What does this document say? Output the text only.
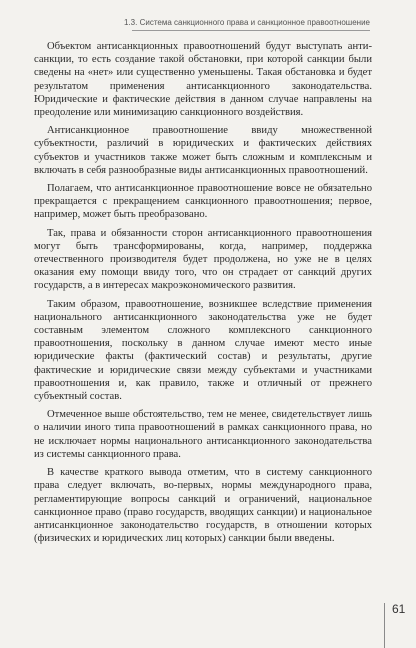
1.3. Система санкционного права и санкционное правоотношение

Объектом антисанкционных правоотношений будут выступать анти-санкции, то есть создание такой обстановки, при которой санкции были сведены на «нет» или существенно уменьшены. Такая обстановка и будет результатом применения антисанкционного законодательства. Юридические и фактические действия в данном случае направлены на преодоление или минимизацию санкционного воздействия.

Антисанкционное правоотношение ввиду множественной субъектности, различий в юридических и фактических действиях субъектов и участников также может быть сложным и комплексным и включать в себя разнообразные виды антисанкционных правоотношений.

Полагаем, что антисанкционное правоотношение вовсе не обязательно прекращается с прекращением санкционного правоотношения; первое, например, может быть преобразовано.

Так, права и обязанности сторон антисанкционного правоотношения могут быть трансформированы, когда, например, поддержка отечественного производителя будет продолжена, но уже не в целях оказания ему помощи ввиду того, что он страдает от санкций других государств, а в интересах макроэкономического развития.

Таким образом, правоотношение, возникшее вследствие применения национального антисанкционного законодательства уже не будет составным элементом сложного комплексного санкционного правоотношения, поскольку в данном случае имеют место иные юридические факты (фактический состав) и результаты, другие фактические и юридические связи между субъектами и участниками правоотношения и, как правило, также и отличный от прежнего субъектный состав.

Отмеченное выше обстоятельство, тем не менее, свидетельствует лишь о наличии иного типа правоотношений в рамках санкционного права, но не исключает нормы национального антисанкционного законодательства из системы санкционного права.

В качестве краткого вывода отметим, что в систему санкционного права следует включать, во-первых, нормы международного права, регламентирующие вопросы санкций и ограничений, национальное санкционное право (право государств, вводящих санкции) и национальное антисанкционное законодательство государств, в отношении которых (физических и юридических лиц которых) санкции были введены.

61
